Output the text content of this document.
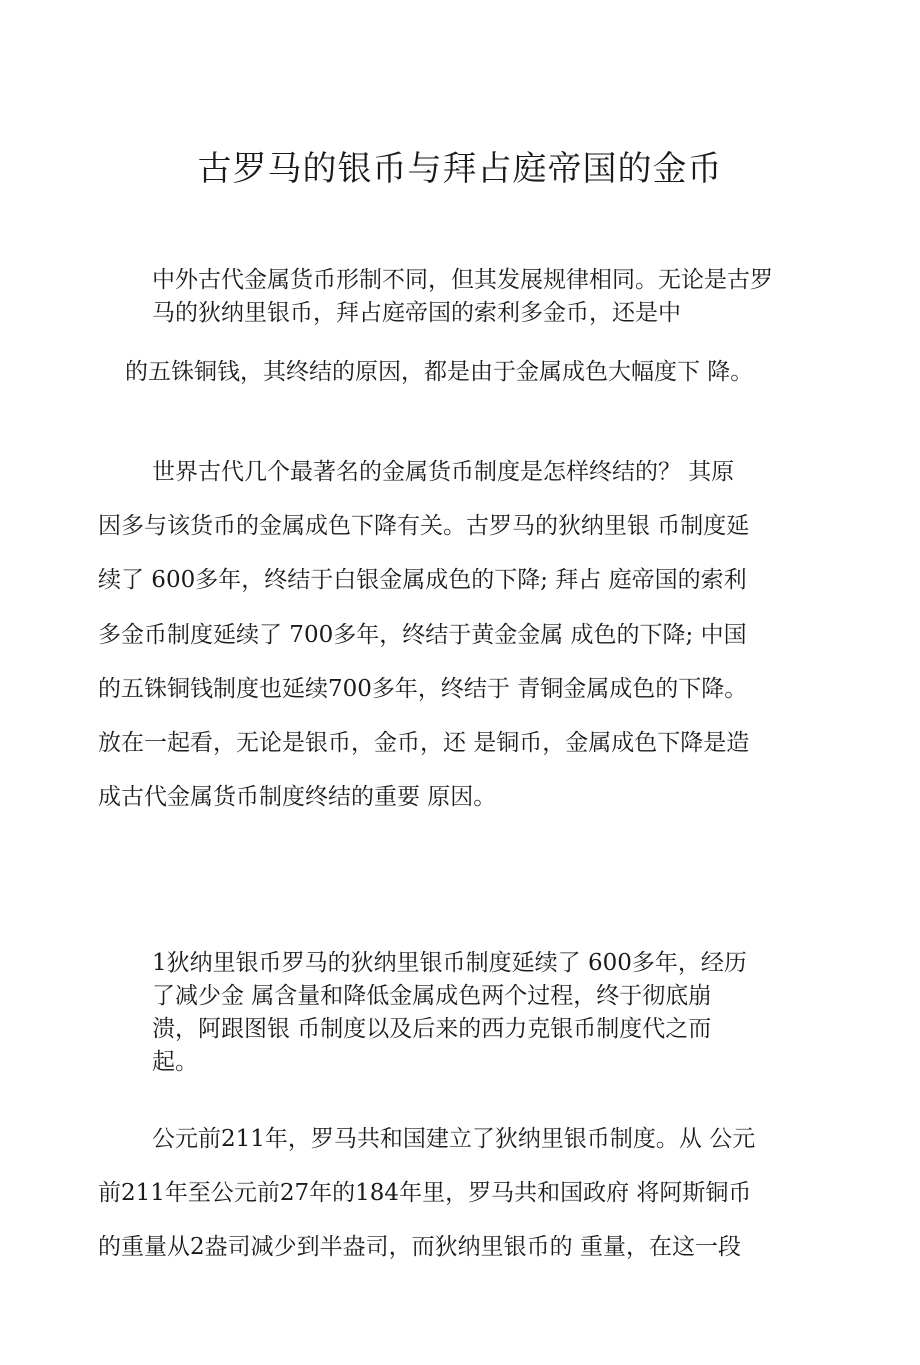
古罗马的银币与拜占庭帝国的金币

中外古代金属货币形制不同，但其发展规律相同。无论是古罗

马的狄纳里银币，拜占庭帝国的索利多金币，还是中

的五铢铜钱，其终结的原因，都是由于金属成色大幅度下 降。

世界古代几个最著名的金属货币制度是怎样终结的？ 其原

因多与该货币的金属成色下降有关。古罗马的狄纳里银 币制度延

续了 600多年，终结于白银金属成色的下降; 拜占 庭帝国的索利

多金币制度延续了 700多年，终结于黄金金属 成色的下降; 中国

的五铢铜钱制度也延续700多年，终结于 青铜金属成色的下降。

放在一起看，无论是银币，金币，还 是铜币，金属成色下降是造

成古代金属货币制度终结的重要 原因。

1狄纳里银币罗马的狄纳里银币制度延续了 600多年，经历

了减少金 属含量和降低金属成色两个过程，终于彻底崩

溃，阿跟图银 币制度以及后来的西力克银币制度代之而

起。

公元前211年，罗马共和国建立了狄纳里银币制度。从 公元

前211年至公元前27年的184年里，罗马共和国政府 将阿斯铜币

的重量从2盎司减少到半盎司，而狄纳里银币的 重量，在这一段
